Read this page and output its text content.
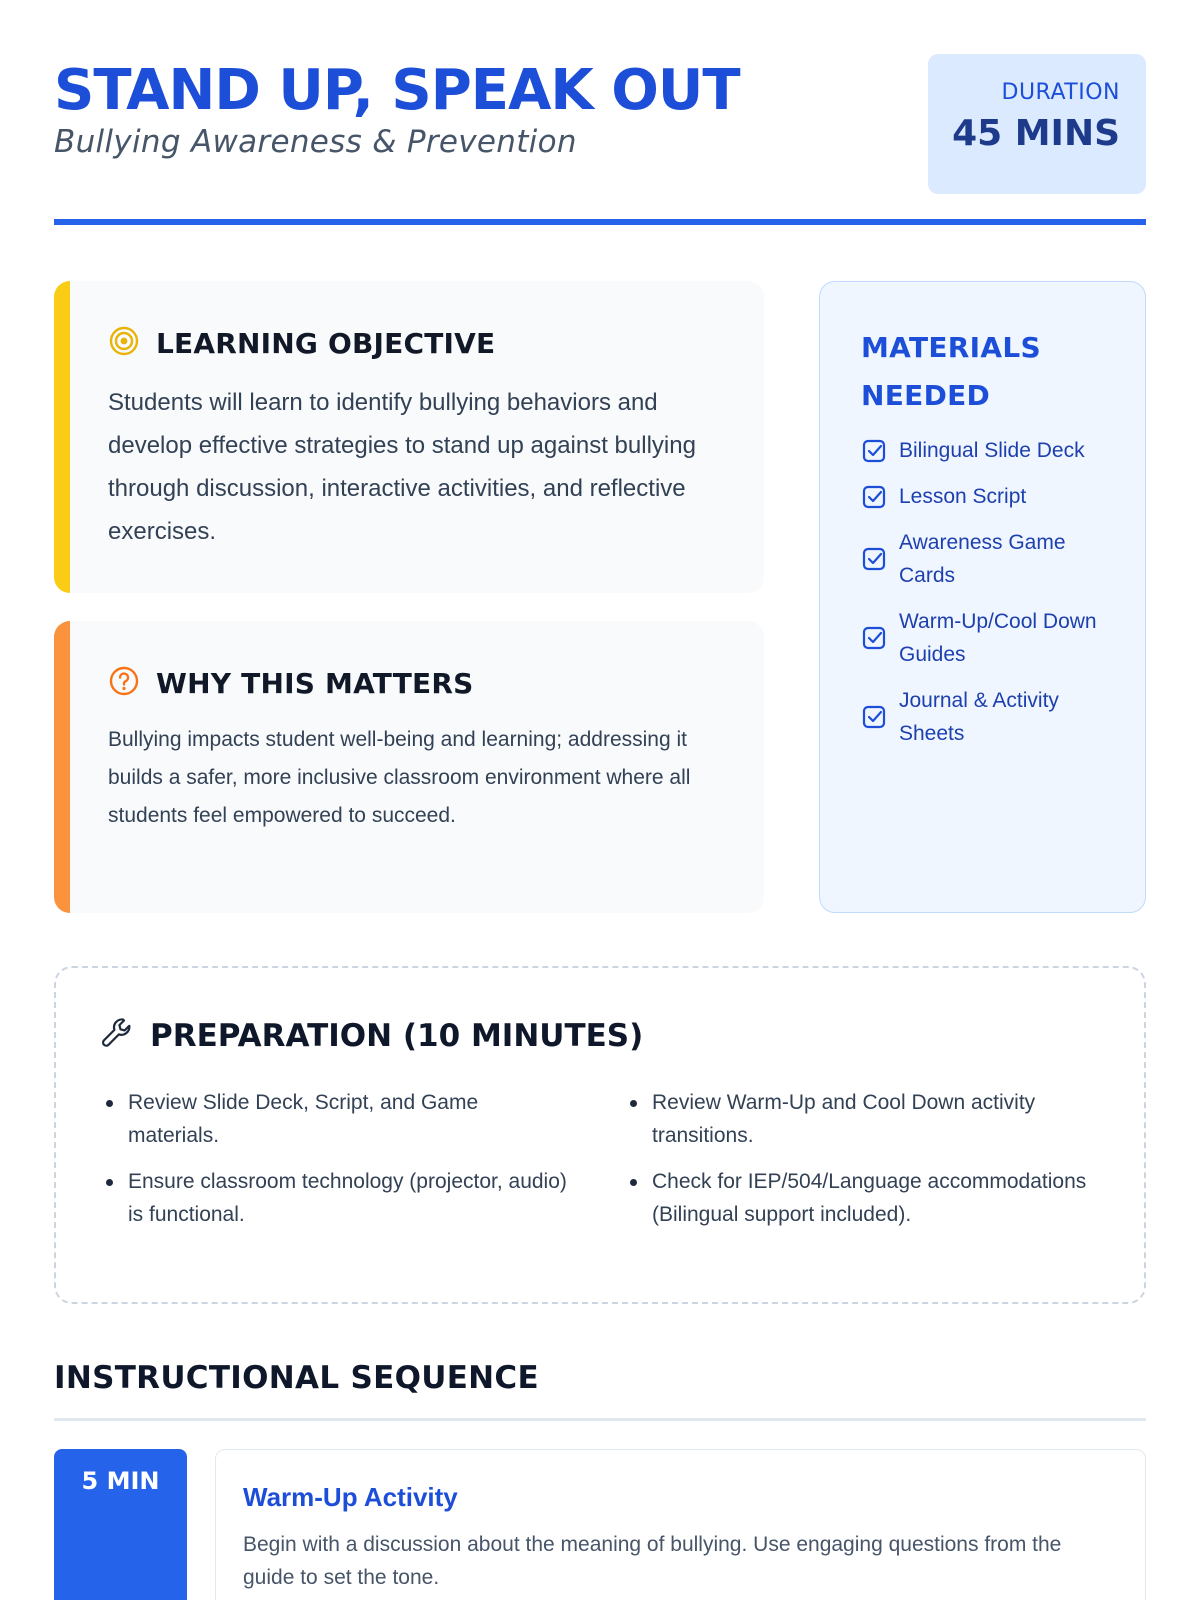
STAND UP, SPEAK OUT
Bullying Awareness & Prevention
DURATION
45 MINS
LEARNING OBJECTIVE

Students will learn to identify bullying behaviors and develop effective strategies to stand up against bullying through discussion, interactive activities, and reflective exercises.

WHY THIS MATTERS

Bullying impacts student well-being and learning; addressing it builds a safer, more inclusive classroom environment where all students feel empowered to succeed.

MATERIALS NEEDED
Bilingual Slide Deck
Lesson Script
Awareness Game Cards
Warm-Up/Cool Down Guides
Journal & Activity Sheets
PREPARATION (10 MINUTES)
Review Slide Deck, Script, and Game materials.
Ensure classroom technology (projector, audio) is functional.
Review Warm-Up and Cool Down activity transitions.
Check for IEP/504/Language accommodations (Bilingual support included).
INSTRUCTIONAL SEQUENCE
5 MIN
Warm-Up Activity

Begin with a discussion about the meaning of bullying. Use engaging questions from the guide to set the tone.
